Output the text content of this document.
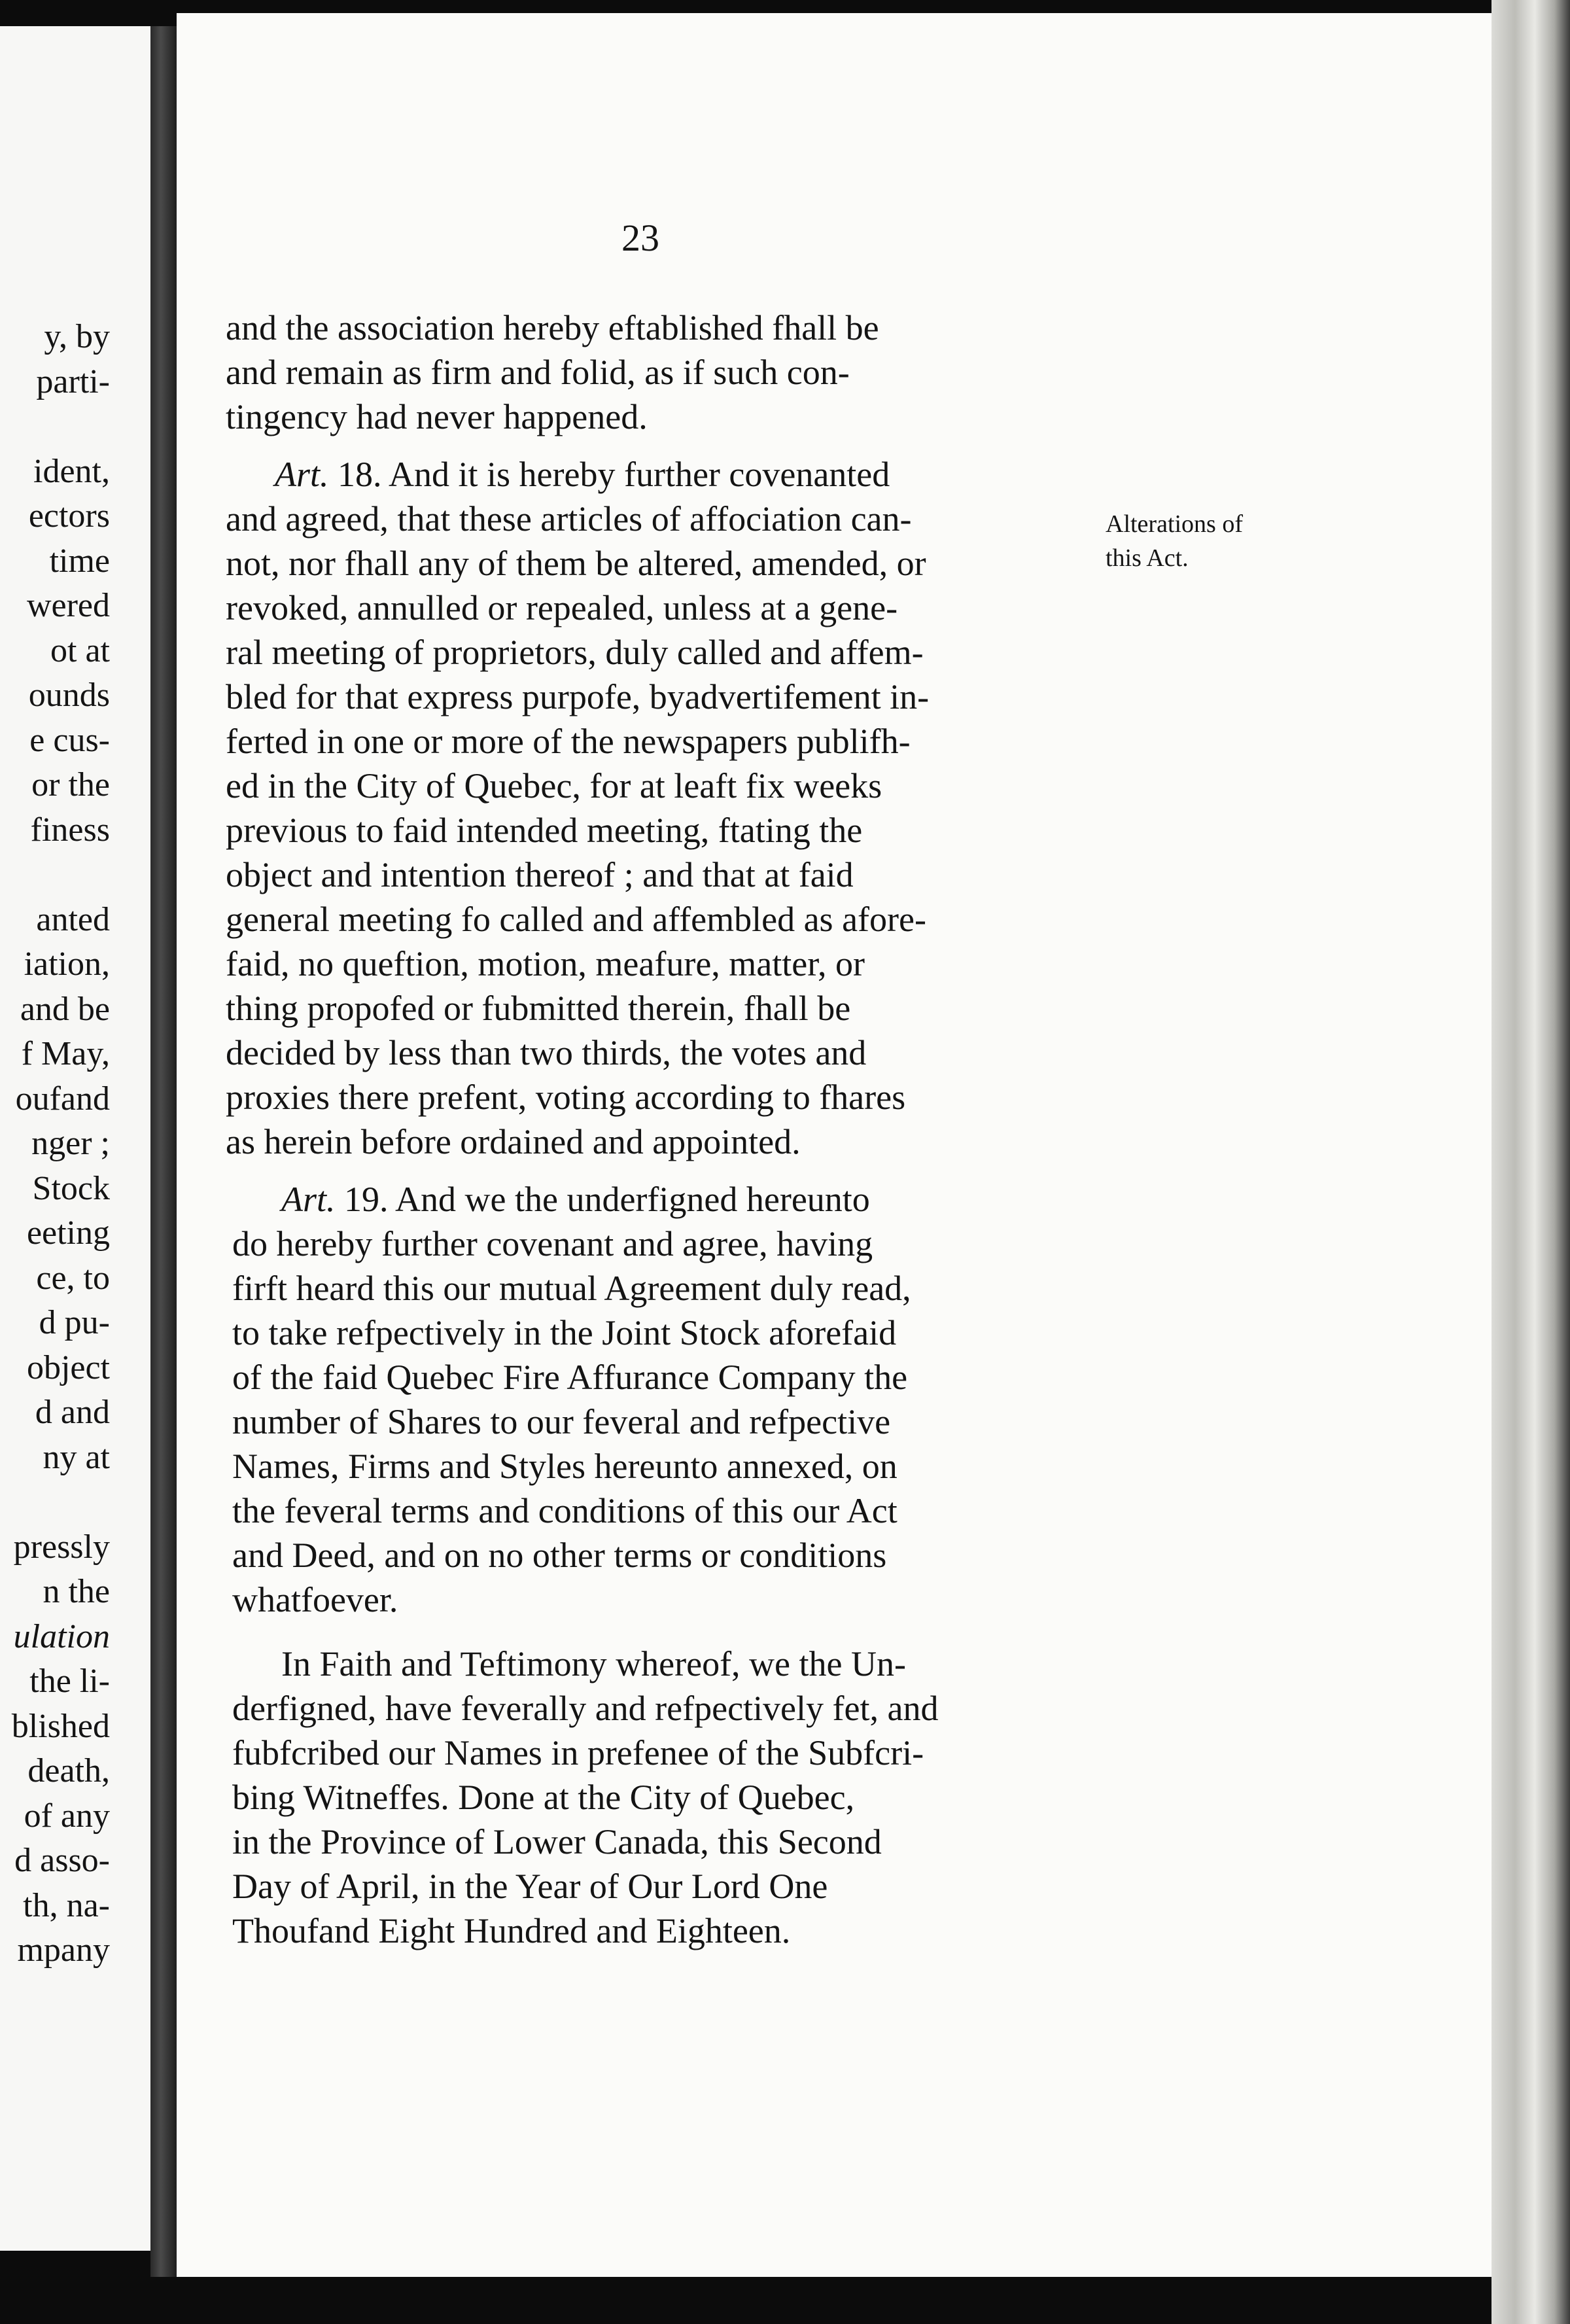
y, by
parti-
ident,
ectors
time
wered
ot at
ounds
e cus-
or the
finess
anted
iation,
and be
f May,
oufand
nger ;
Stock
eeting
ce, to
d pu-
object
d and
ny at
pressly
n the
ulation
the li-
blished
death,
of any
d asso-
th, na-
mpany
23

Alterations of

this Act.

and the association hereby eftablished fhall be
and remain as firm and folid, as if such con-
tingency had never happened.
Art. 18. And it is hereby further covenanted
and agreed, that these articles of affociation can-
not, nor fhall any of them be altered, amended, or
revoked, annulled or repealed, unless at a gene-
ral meeting of proprietors, duly called and affem-
bled for that express purpofe, byadvertifement in-
ferted in one or more of the newspapers publifh-
ed in the City of Quebec, for at leaft fix weeks
previous to faid intended meeting, ftating the
object and intention thereof ; and that at faid
general meeting fo called and affembled as afore-
faid, no queftion, motion, meafure, matter, or
thing propofed or fubmitted therein, fhall be
decided by less than two thirds, the votes and
proxies there prefent, voting according to fhares
as herein before ordained and appointed.
Art. 19. And we the underfigned hereunto
do hereby further covenant and agree, having
firft heard this our mutual Agreement duly read,
to take refpectively in the Joint Stock aforefaid
of the faid Quebec Fire Affurance Company the
number of Shares to our feveral and refpective
Names, Firms and Styles hereunto annexed, on
the feveral terms and conditions of this our Act
and Deed, and on no other terms or conditions
whatfoever.
In Faith and Teftimony whereof, we the Un-
derfigned, have feverally and refpectively fet, and
fubfcribed our Names in prefenee of the Subfcri-
bing Witneffes. Done at the City of Quebec,
in the Province of Lower Canada, this Second
Day of April, in the Year of Our Lord One
Thoufand Eight Hundred and Eighteen.
